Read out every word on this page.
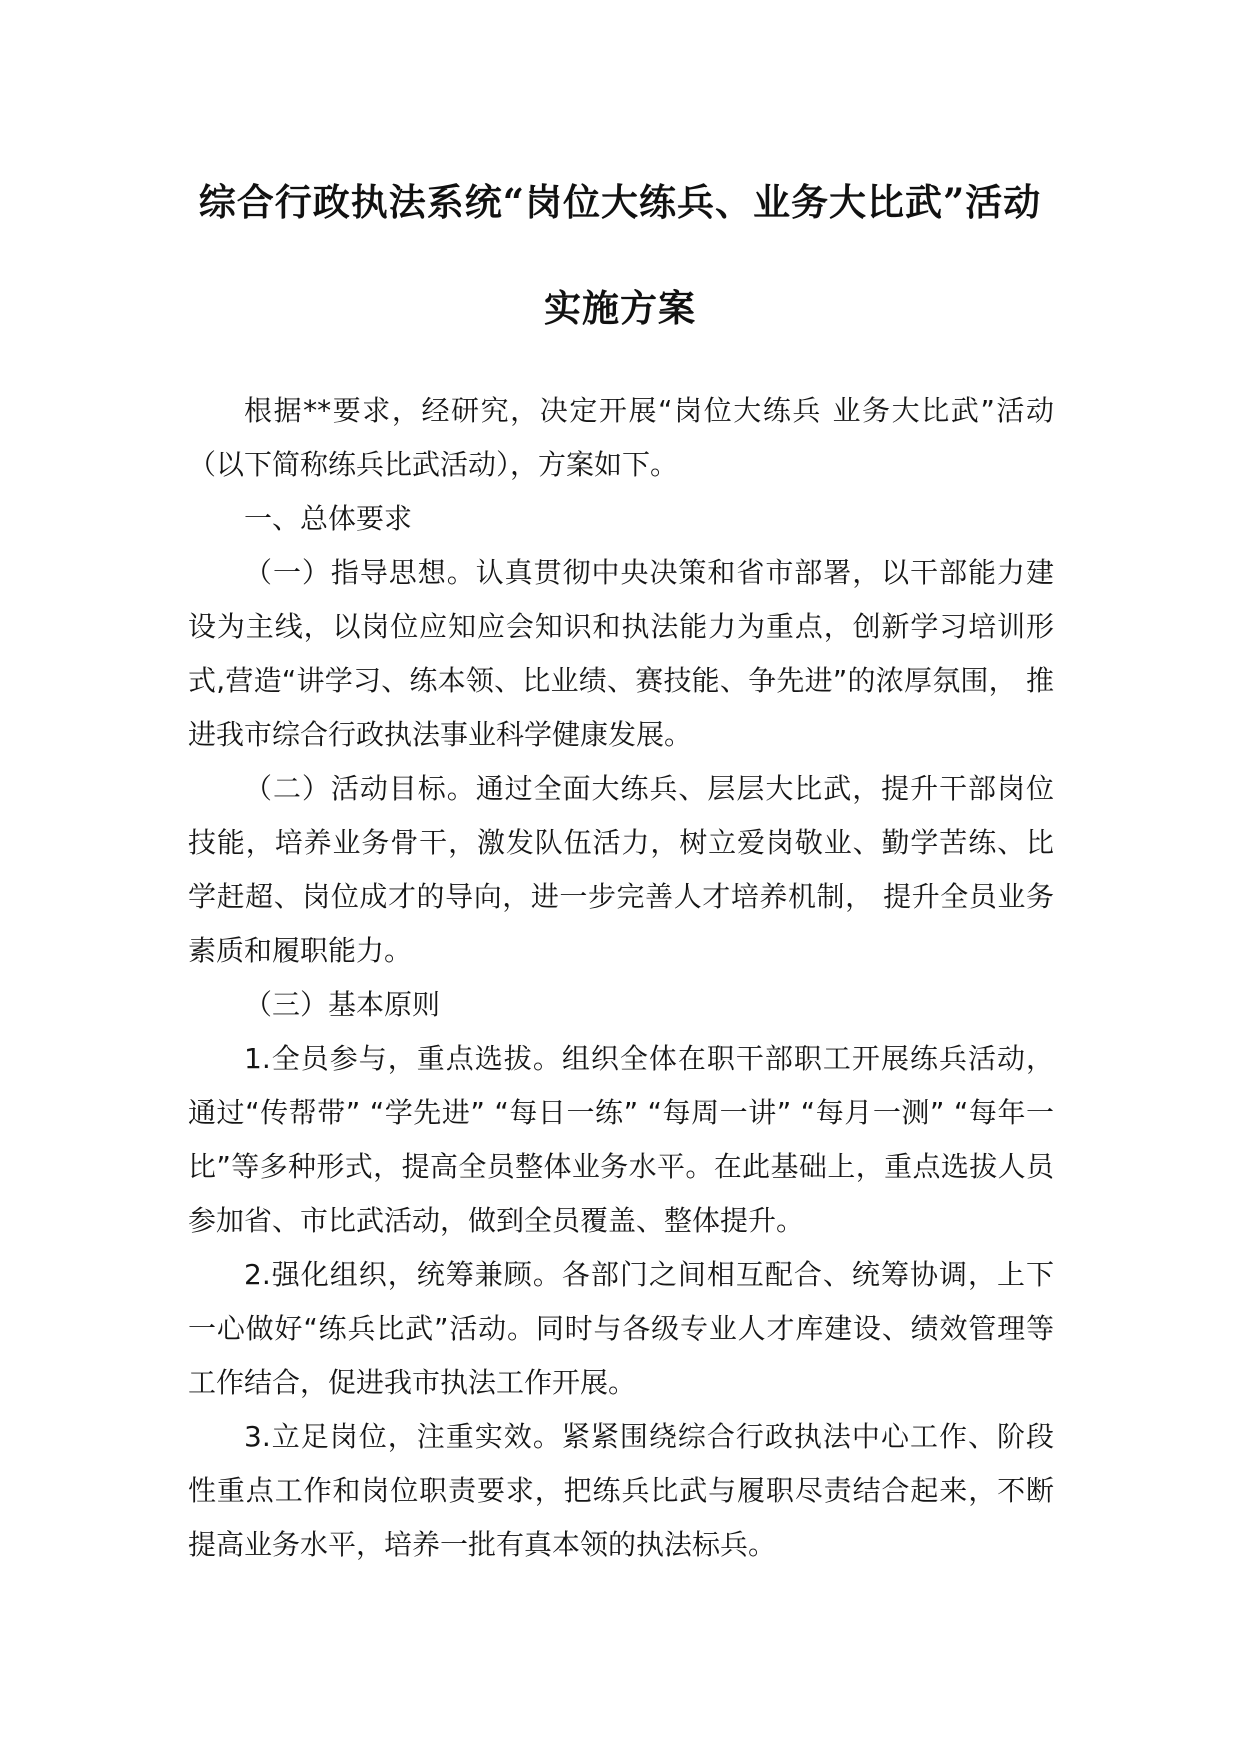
综合行政执法系统“岗位大练兵、业务大比武”活动
实施方案

根据**要求，经研究，决定开展“岗位大练兵 业务大比武”活动（以下简称练兵比武活动），方案如下。

一、总体要求

（一）指导思想。认真贯彻中央决策和省市部署，以干部能力建设为主线，以岗位应知应会知识和执法能力为重点，创新学习培训形式,营造“讲学习、练本领、比业绩、赛技能、争先进”的浓厚氛围， 推进我市综合行政执法事业科学健康发展。

（二）活动目标。通过全面大练兵、层层大比武，提升干部岗位技能，培养业务骨干，激发队伍活力，树立爱岗敬业、勤学苦练、比学赶超、岗位成才的导向，进一步完善人才培养机制， 提升全员业务素质和履职能力。

（三）基本原则

1.全员参与，重点选拔。组织全体在职干部职工开展练兵活动，通过“传帮带” “学先进” “每日一练” “每周一讲” “每月一测” “每年一比”等多种形式，提高全员整体业务水平。在此基础上，重点选拔人员参加省、市比武活动，做到全员覆盖、整体提升。

2.强化组织，统筹兼顾。各部门之间相互配合、统筹协调，上下一心做好“练兵比武”活动。同时与各级专业人才库建设、绩效管理等工作结合，促进我市执法工作开展。

3.立足岗位，注重实效。紧紧围绕综合行政执法中心工作、阶段性重点工作和岗位职责要求，把练兵比武与履职尽责结合起来，不断提高业务水平，培养一批有真本领的执法标兵。
